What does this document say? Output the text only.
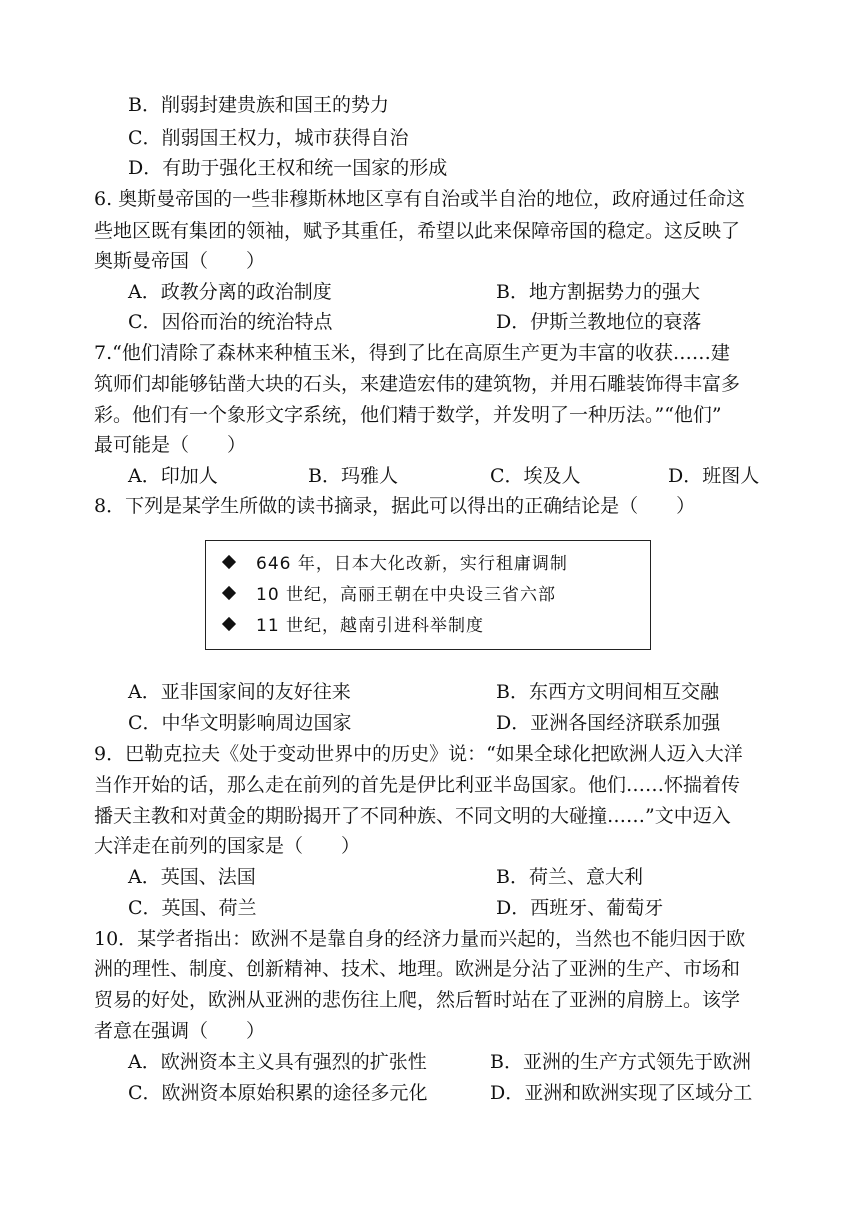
B．削弱封建贵族和国王的势力
C．削弱国王权力，城市获得自治
D．有助于强化王权和统一国家的形成
6. 奥斯曼帝国的一些非穆斯林地区享有自治或半自治的地位，政府通过任命这
些地区既有集团的领袖，赋予其重任，希望以此来保障帝国的稳定。这反映了
奥斯曼帝国（　　）
A．政教分离的政治制度	B．地方割据势力的强大
C．因俗而治的统治特点	D．伊斯兰教地位的衰落
7.“他们清除了森林来种植玉米，得到了比在高原生产更为丰富的收获……建
筑师们却能够钻凿大块的石头，来建造宏伟的建筑物，并用石雕装饰得丰富多
彩。他们有一个象形文字系统，他们精于数学，并发明了一种历法。”“他们”
最可能是（　　）
A．印加人	B．玛雅人	C．埃及人	D．班图人
8．下列是某学生所做的读书摘录，据此可以得出的正确结论是（　　）
646 年，日本大化改新，实行租庸调制
10 世纪，高丽王朝在中央设三省六部
11 世纪，越南引进科举制度
A．亚非国家间的友好往来	B．东西方文明间相互交融
C．中华文明影响周边国家	D．亚洲各国经济联系加强
9．巴勒克拉夫《处于变动世界中的历史》说：“如果全球化把欧洲人迈入大洋
当作开始的话，那么走在前列的首先是伊比利亚半岛国家。他们……怀揣着传
播天主教和对黄金的期盼揭开了不同种族、不同文明的大碰撞……”文中迈入
大洋走在前列的国家是（　　）
A．英国、法国	B．荷兰、意大利
C．英国、荷兰	D．西班牙、葡萄牙
10．某学者指出：欧洲不是靠自身的经济力量而兴起的，当然也不能归因于欧
洲的理性、制度、创新精神、技术、地理。欧洲是分沾了亚洲的生产、市场和
贸易的好处，欧洲从亚洲的悲伤往上爬，然后暂时站在了亚洲的肩膀上。该学
者意在强调（　　）
A．欧洲资本主义具有强烈的扩张性	B．亚洲的生产方式领先于欧洲
C．欧洲资本原始积累的途径多元化	D．亚洲和欧洲实现了区域分工
